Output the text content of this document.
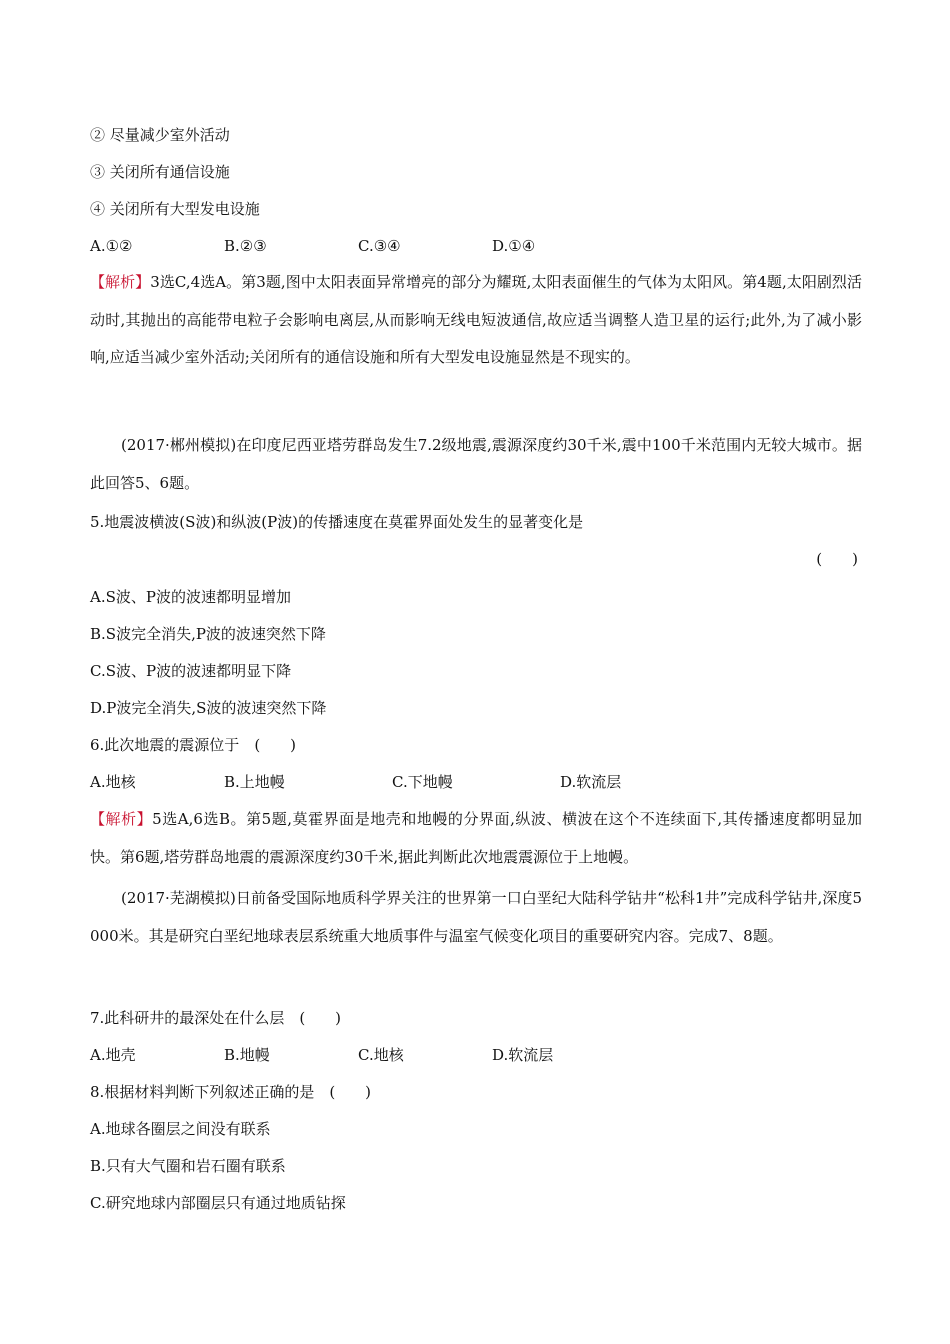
② 尽量减少室外活动
③ 关闭所有通信设施
④ 关闭所有大型发电设施
A.①②	B.②③	C.③④	D.①④
【解析】3选C,4选A。第3题,图中太阳表面异常增亮的部分为耀斑,太阳表面催生的气体为太阳风。第4题,太阳剧烈活动时,其抛出的高能带电粒子会影响电离层,从而影响无线电短波通信,故应适当调整人造卫星的运行;此外,为了减小影响,应适当减少室外活动;关闭所有的通信设施和所有大型发电设施显然是不现实的。
(2017·郴州模拟)在印度尼西亚塔劳群岛发生7.2级地震,震源深度约30千米,震中100千米范围内无较大城市。据此回答5、6题。
5.地震波横波(S波)和纵波(P波)的传播速度在莫霍界面处发生的显著变化是
(　　)
A.S波、P波的波速都明显增加
B.S波完全消失,P波的波速突然下降
C.S波、P波的波速都明显下降
D.P波完全消失,S波的波速突然下降
6.此次地震的震源位于　(　　)
A.地核	B.上地幔	C.下地幔	D.软流层
【解析】5选A,6选B。第5题,莫霍界面是地壳和地幔的分界面,纵波、横波在这个不连续面下,其传播速度都明显加快。第6题,塔劳群岛地震的震源深度约30千米,据此判断此次地震震源位于上地幔。
(2017·芜湖模拟)日前备受国际地质科学界关注的世界第一口白垩纪大陆科学钻井“松科1井”完成科学钻井,深度5 000米。其是研究白垩纪地球表层系统重大地质事件与温室气候变化项目的重要研究内容。完成7、8题。
7.此科研井的最深处在什么层　(　　)
A.地壳	B.地幔	C.地核	D.软流层
8.根据材料判断下列叙述正确的是　(　　)
A.地球各圈层之间没有联系
B.只有大气圈和岩石圈有联系
C.研究地球内部圈层只有通过地质钻探
